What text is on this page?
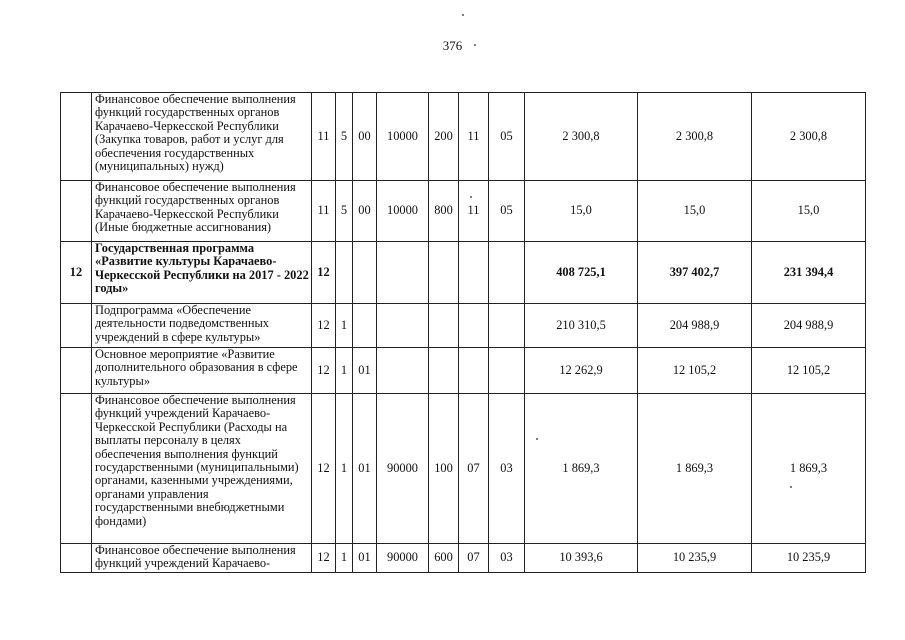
376
	Финансовое обеспечение выполнения функций государственных органов Карачаево-Черкесской Республики (Закупка товаров, работ и услуг для обеспечения государственных (муниципальных) нужд)	11	5	00	10000	200	11	05	2 300,8	2 300,8	2 300,8
	Финансовое обеспечение выполнения функций государственных органов Карачаево-Черкесской Республики (Иные бюджетные ассигнования)	11	5	00	10000	800	11	05	15,0	15,0	15,0
12	Государственная программа «Развитие культуры Карачаево-Черкесской Республики на 2017 - 2022 годы»	12							408 725,1	397 402,7	231 394,4
	Подпрограмма «Обеспечение деятельности подведомственных учреждений в сфере культуры»	12	1						210 310,5	204 988,9	204 988,9
	Основное мероприятие «Развитие дополнительного образования в сфере культуры»	12	1	01					12 262,9	12 105,2	12 105,2
	Финансовое обеспечение выполнения функций учреждений Карачаево-Черкесской Республики (Расходы на выплаты персоналу в целях обеспечения выполнения функций государственными (муниципальными) органами, казенными учреждениями, органами управления государственными внебюджетными фондами)	12	1	01	90000	100	07	03	1 869,3	1 869,3	1 869,3
	Финансовое обеспечение выполнения функций учреждений Карачаево-	12	1	01	90000	600	07	03	10 393,6	10 235,9	10 235,9
